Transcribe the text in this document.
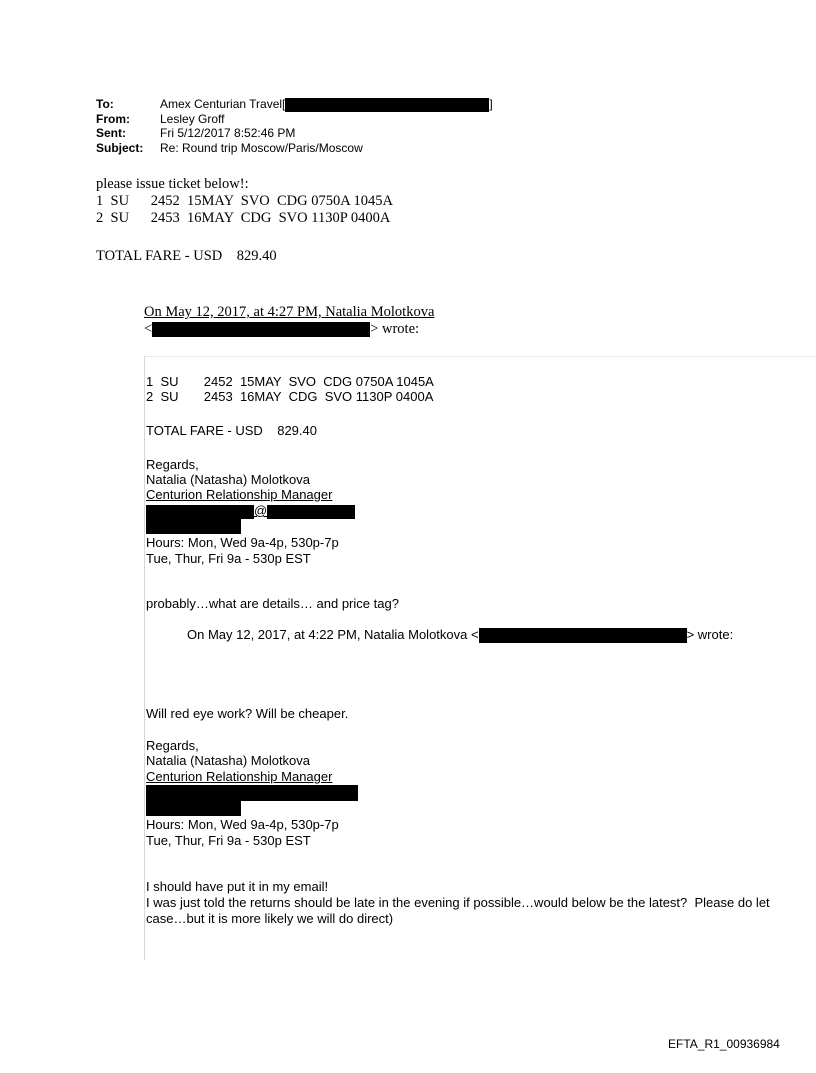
To:	Amex Centurian Travel[	]
From:	Lesley Groff
Sent:	Fri 5/12/2017 8:52:46 PM
Subject:	Re: Round trip Moscow/Paris/Moscow
please issue ticket below!:
1  SU      2452  15MAY  SVO  CDG 0750A 1045A
2  SU      2453  16MAY  CDG  SVO 1130P 0400A
TOTAL FARE - USD    829.40
On May 12, 2017, at 4:27 PM, Natalia Molotkova
<	> wrote:
1  SU       2452  15MAY  SVO  CDG 0750A 1045A
2  SU       2453  16MAY  CDG  SVO 1130P 0400A
TOTAL FARE - USD    829.40
Regards,
Natalia (Natasha) Molotkova
Centurion Relationship Manager
@
Hours: Mon, Wed 9a-4p, 530p-7p
Tue, Thur, Fri 9a - 530p EST
probably…what are details… and price tag?
On May 12, 2017, at 4:22 PM, Natalia Molotkova <	> wrote:
Will red eye work? Will be cheaper.
Regards,
Natalia (Natasha) Molotkova
Centurion Relationship Manager
Hours: Mon, Wed 9a-4p, 530p-7p
Tue, Thur, Fri 9a - 530p EST
I should have put it in my email!
I was just told the returns should be late in the evening if possible…would below be the latest?  Please do let
case…but it is more likely we will do direct)
EFTA_R1_00936984
